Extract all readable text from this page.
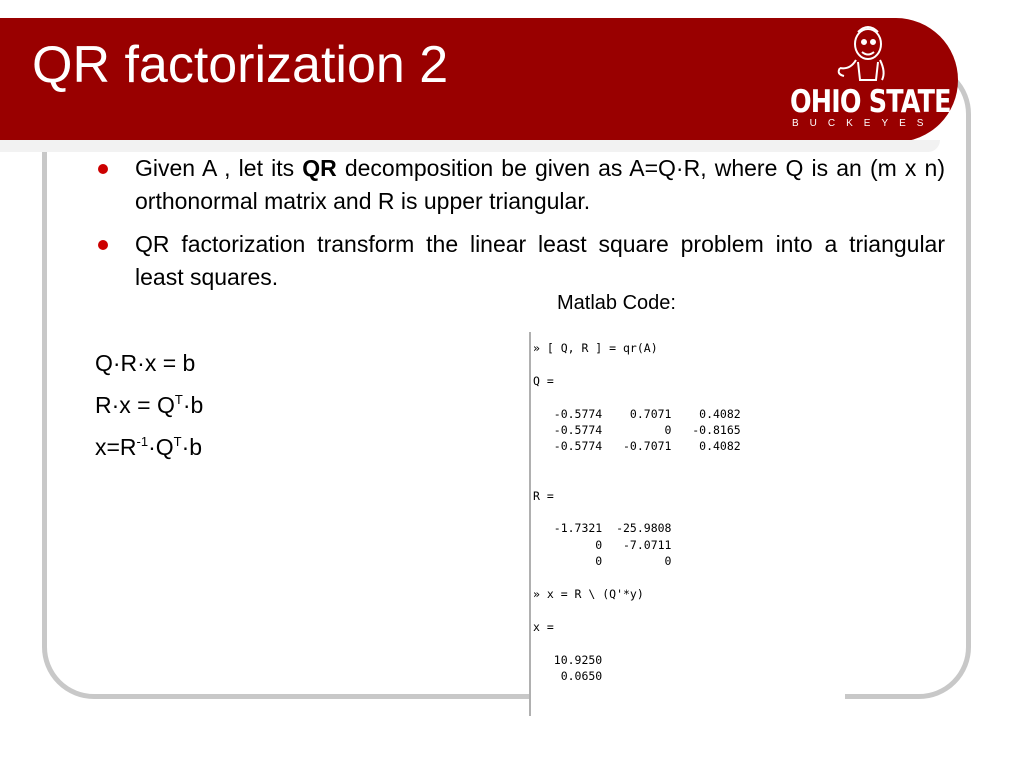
QR factorization 2
OHIO STATE
BUCKEYES TM
Given A , let its QR decomposition be given as A=Q·R, where Q is an (m x n) orthonormal matrix and R is upper triangular.
QR factorization transform the linear least square problem into a triangular least squares.
Matlab Code:
Q·R·x = b
$R\cdot x = Q^T\cdot b$
$x=R^{-1}\cdot Q^T\cdot b$
» [ Q, R ] = qr(A)

Q =

-0.5774    0.7071    0.4082
-0.5774         0   -0.8165
-0.5774   -0.7071    0.4082

R =

-1.7321  -25.9808
0   -7.0711
0         0

» x = R \ (Q'*y)

x =

10.9250
0.0650
